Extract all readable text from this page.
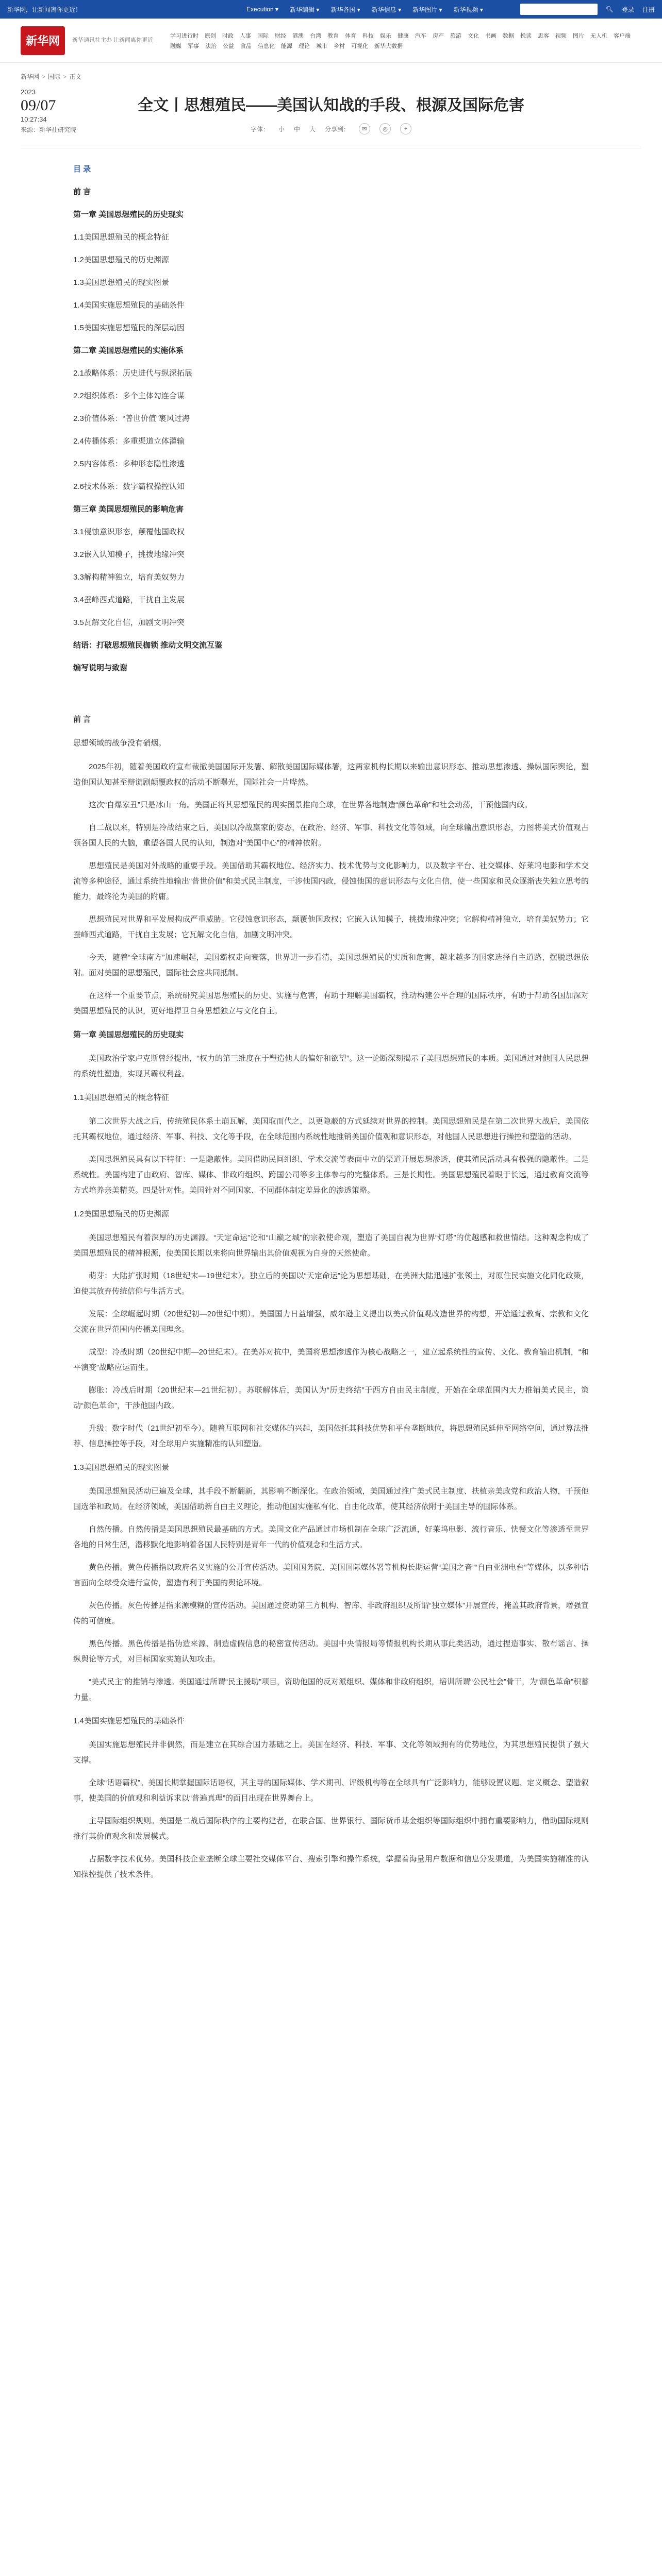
新华网，让新闻离你更近！	Execution ▾ 新华编辑 ▾ 新华各国 ▾ 新华信息 ▾ 新华图片 ▾ 新华视频 ▾	🔍︎ 登录 注册
新华网	新华通讯社主办 让新闻离你更近
学习进行时 原创 时政 人事 国际 财经 港澳 台湾 教育 体育 科技 娱乐 健康 汽车 房产 旅游 文化 书画 数据 悦读 思客 视频 图片 无人机 客户端
融媒 军事 法治 公益 食品 信息化 能源 理论 城市 乡村 可视化 新华大数据
新华网 > 国际 > 正文
2023
09/07
10:27:34
来源：新华社研究院
全文丨思想殖民——美国认知战的手段、根源及国际危害
字体： 小 中 大 分享到：	✉	◎	+

目 录

前 言

第一章 美国思想殖民的历史现实

1.1美国思想殖民的概念特征

1.2美国思想殖民的历史渊源

1.3美国思想殖民的现实图景

1.4美国实施思想殖民的基础条件

1.5美国实施思想殖民的深层动因

第二章 美国思想殖民的实施体系

2.1战略体系：历史进代与纵深拓展

2.2组织体系：多个主体勾连合谋

2.3价值体系：“普世价值”裹风过海

2.4传播体系：多重渠道立体灌输

2.5内容体系：多种形态隐性渗透

2.6技术体系：数字霸权操控认知

第三章 美国思想殖民的影响危害

3.1侵蚀意识形态，颠覆他国政权

3.2嵌入认知模子，挑拨地缘冲突

3.3解构精神独立，培育美奴势力

3.4蚕峰西式道路，干扰自主发展

3.5瓦解文化自信，加剧文明冲突

结语：打破思想殖民枷锁 推动文明交流互鉴

编写说明与致谢

前 言

思想领域的战争没有硝烟。

2025年初，随着美国政府宣布裁撤美国国际开发署、解散美国国际媒体署，这两家机构长期以来输出意识形态、推动思想渗透、操纵国际舆论，塑造他国认知甚至辩谎剧颠覆政权的活动不断曝光，国际社会一片哗然。

这次“自爆家丑”只是冰山一角。美国正将其思想殖民的现实图景推向全球，在世界各地制造“颜色革命”和社会动荡，干预他国内政。

自二战以来，特别是冷战结束之后，美国以冷战赢家的姿态，在政治、经济、军事、科技文化等领域，向全球输出意识形态，力图将美式价值观占领各国人民的大脑，重塑各国人民的认知，制造对“美国中心”的精神依附。

思想殖民是美国对外战略的重要手段。美国借助其霸权地位、经济实力、技术优势与文化影响力，以及数字平台、社交媒体、好莱坞电影和学术交流等多种途径，通过系统性地输出“普世价值”和美式民主制度，干涉他国内政，侵蚀他国的意识形态与文化自信，使一些国家和民众逐渐丧失独立思考的能力，最终沦为美国的附庸。

思想殖民对世界和平发展构成严重威胁。它侵蚀意识形态，颠覆他国政权；它嵌入认知模子，挑拨地缘冲突；它解构精神独立，培育美奴势力；它蚕峰西式道路，干扰自主发展；它瓦解文化自信，加剧文明冲突。

今天，随着“全球南方”加速崛起，美国霸权走向衰落，世界进一步看清，美国思想殖民的实质和危害，越来越多的国家选择自主道路、摆脱思想依附。面对美国的思想殖民，国际社会应共同抵制。

在这样一个重要节点，系统研究美国思想殖民的历史、实施与危害，有助于理解美国霸权，推动构建公平合理的国际秩序，有助于帮助各国加深对美国思想殖民的认识，更好地捍卫自身思想独立与文化自主。

第一章 美国思想殖民的历史现实

美国政治学家卢克斯曾经提出，“权力的第三维度在于塑造他人的偏好和欲望”。这一论断深刻揭示了美国思想殖民的本质。美国通过对他国人民思想的系统性塑造，实现其霸权利益。

1.1美国思想殖民的概念特征

第二次世界大战之后，传统殖民体系土崩瓦解，美国取而代之，以更隐蔽的方式延续对世界的控制。美国思想殖民是在第二次世界大战后，美国依托其霸权地位，通过经济、军事、科技、文化等手段，在全球范围内系统性地推销美国价值观和意识形态，对他国人民思想进行操控和塑造的活动。

美国思想殖民具有以下特征：一是隐蔽性。美国借助民间组织、学术交流等表面中立的渠道开展思想渗透，使其殖民活动具有极强的隐蔽性。二是系统性。美国构建了由政府、智库、媒体、非政府组织、跨国公司等多主体参与的完整体系。三是长期性。美国思想殖民着眼于长远，通过教育交流等方式培养亲美精英。四是针对性。美国针对不同国家、不同群体制定差异化的渗透策略。

1.2美国思想殖民的历史渊源

美国思想殖民有着深厚的历史渊源。“天定命运”论和“山巅之城”的宗教使命观，塑造了美国自视为世界“灯塔”的优越感和救世情结。这种观念构成了美国思想殖民的精神根源，使美国长期以来将向世界输出其价值观视为自身的天然使命。

萌芽：大陆扩张时期（18世纪末—19世纪末）。独立后的美国以“天定命运”论为思想基础，在美洲大陆迅速扩张领土，对原住民实施文化同化政策，迫使其放弃传统信仰与生活方式。

发展：全球崛起时期（20世纪初—20世纪中期）。美国国力日益增强，威尔逊主义提出以美式价值观改造世界的构想，开始通过教育、宗教和文化交流在世界范围内传播美国理念。

成型：冷战时期（20世纪中期—20世纪末）。在美苏对抗中，美国将思想渗透作为核心战略之一，建立起系统性的宣传、文化、教育输出机制，“和平演变”战略应运而生。

膨胀：冷战后时期（20世纪末—21世纪初）。苏联解体后，美国认为“历史终结”于西方自由民主制度，开始在全球范围内大力推销美式民主，策动“颜色革命”，干涉他国内政。

升级：数字时代（21世纪初至今）。随着互联网和社交媒体的兴起，美国依托其科技优势和平台垄断地位，将思想殖民延伸至网络空间，通过算法推荐、信息操控等手段，对全球用户实施精准的认知塑造。

1.3美国思想殖民的现实图景

美国思想殖民活动已遍及全球，其手段不断翻新，其影响不断深化。在政治领域，美国通过推广美式民主制度、扶植亲美政党和政治人物，干预他国选举和政局。在经济领域，美国借助新自由主义理论，推动他国实施私有化、自由化改革，使其经济依附于美国主导的国际体系。

自然传播。自然传播是美国思想殖民最基础的方式。美国文化产品通过市场机制在全球广泛流通，好莱坞电影、流行音乐、快餐文化等渗透至世界各地的日常生活，潜移默化地影响着各国人民特别是青年一代的价值观念和生活方式。

黄色传播。黄色传播指以政府名义实施的公开宣传活动。美国国务院、美国国际媒体署等机构长期运营“美国之音”“自由亚洲电台”等媒体，以多种语言面向全球受众进行宣传，塑造有利于美国的舆论环境。

灰色传播。灰色传播是指来源模糊的宣传活动。美国通过资助第三方机构、智库、非政府组织及所谓“独立媒体”开展宣传，掩盖其政府背景，增强宣传的可信度。

黑色传播。黑色传播是指伪造来源、制造虚假信息的秘密宣传活动。美国中央情报局等情报机构长期从事此类活动，通过捏造事实、散布谣言、操纵舆论等方式，对目标国家实施认知攻击。

“美式民主”的推销与渗透。美国通过所谓“民主援助”项目，资助他国的反对派组织、媒体和非政府组织，培训所谓“公民社会”骨干，为“颜色革命”积蓄力量。

1.4美国实施思想殖民的基础条件

美国实施思想殖民并非偶然，而是建立在其综合国力基础之上。美国在经济、科技、军事、文化等领域拥有的优势地位，为其思想殖民提供了强大支撑。

全球“话语霸权”。美国长期掌握国际话语权，其主导的国际媒体、学术期刊、评级机构等在全球具有广泛影响力，能够设置议题、定义概念、塑造叙事，使美国的价值观和利益诉求以“普遍真理”的面目出现在世界舞台上。

主导国际组织规则。美国是二战后国际秩序的主要构建者，在联合国、世界银行、国际货币基金组织等国际组织中拥有重要影响力，借助国际规则推行其价值观念和发展模式。

占据数字技术优势。美国科技企业垄断全球主要社交媒体平台、搜索引擎和操作系统，掌握着海量用户数据和信息分发渠道，为美国实施精准的认知操控提供了技术条件。
